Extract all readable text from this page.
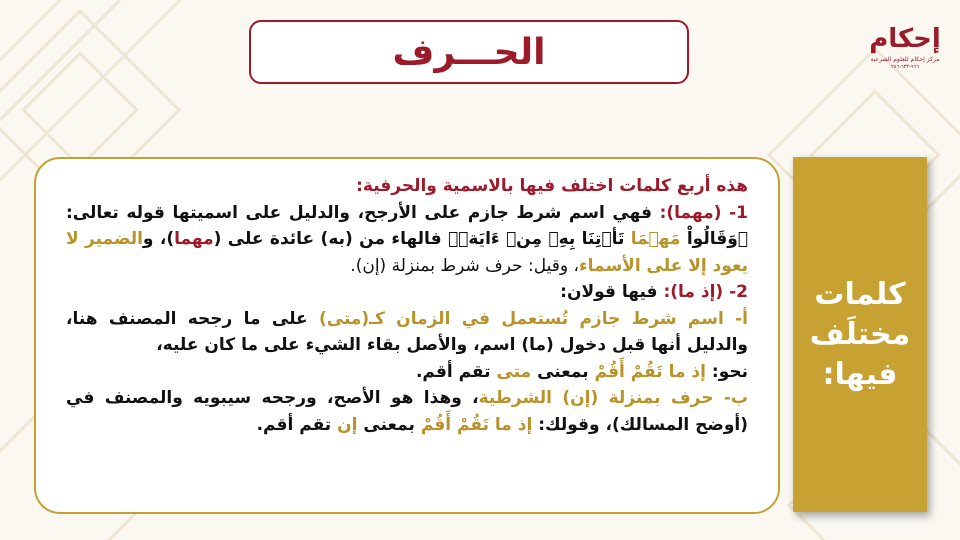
إحكام
مركز إحكام للعلوم الشرعية
٩٦٦-٦٣٣-٢٨٦
الحـــرف

هذه أربع كلمات اختلف فيها بالاسمية والحرفية:

1- (مهما): فهي اسم شرط جازم على الأرجح، والدليل على اسميتها قوله تعالى: ﴿وَقَالُواْ مَهۡمَا تَأۡتِنَا بِهِۦ مِنۡ ءَايَةٖ﴾ فالهاء من (به) عائدة على (مهما)، والضمير لا يعود إلا على الأسماء، وقيل: حرف شرط بمنزلة (إن).

2- (إذ ما): فيها قولان:

أ- اسم شرط جازم تُستعمل في الزمان كـ(متى) على ما رجحه المصنف هنا، والدليل أنها قبل دخول (ما) اسم، والأصل بقاء الشيء على ما كان عليه،

نحو: إذ ما تَقُمْ أَقُمْ بمعنى متى تقم أقم.

ب- حرف بمنزلة (إن) الشرطية، وهذا هو الأصح، ورجحه سيبويه والمصنف في (أوضح المسالك)، وقولك: إذ ما تَقُمْ أَقُمْ بمعنى إن تقم أقم.

كلمات
مختلَف
فيها:
